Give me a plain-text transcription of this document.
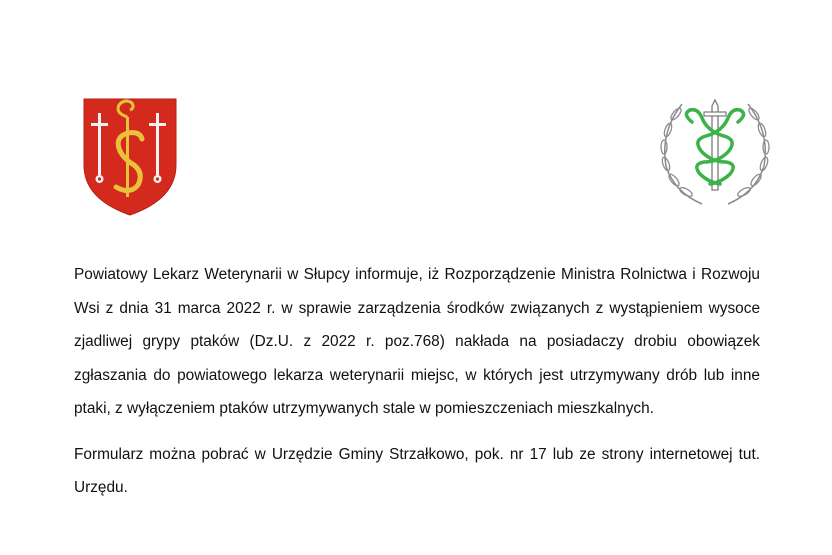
Powiatowy Lekarz Weterynarii w Słupcy informuje, iż Rozporządzenie Ministra Rolnictwa i Rozwoju Wsi z dnia 31 marca 2022 r. w sprawie zarządzenia środków związanych z wystąpieniem wysoce zjadliwej grypy ptaków (Dz.U. z 2022 r. poz.768) nakłada na posiadaczy drobiu obowiązek zgłaszania do powiatowego lekarza weterynarii miejsc, w których jest utrzymywany drób lub inne ptaki, z wyłączeniem ptaków utrzymywanych stale w pomieszczeniach mieszkalnych.

Formularz można pobrać w Urzędzie Gminy Strzałkowo, pok. nr 17 lub ze strony internetowej tut. Urzędu.
